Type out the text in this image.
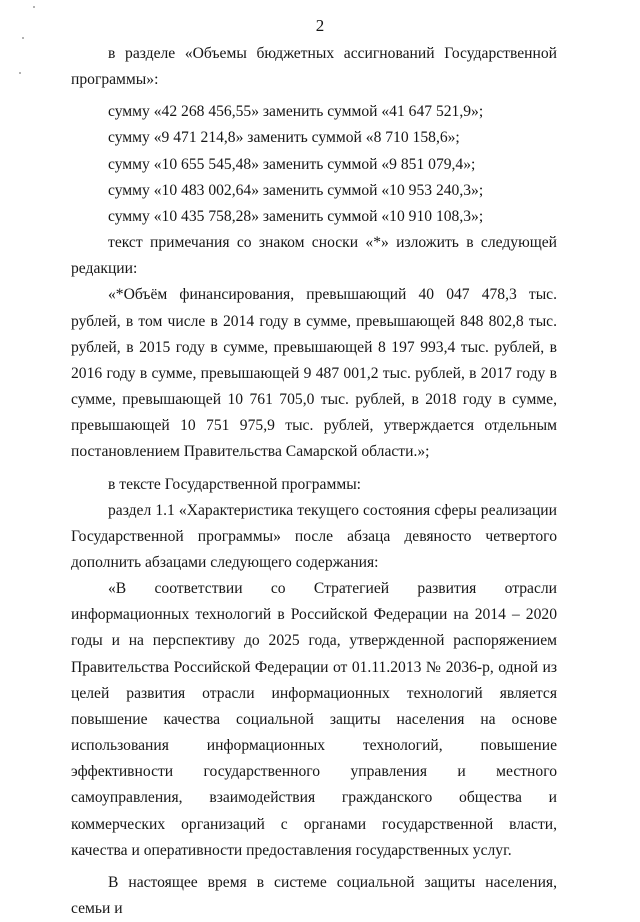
2

в разделе «Объемы бюджетных ассигнований Государственной программы»:

сумму «42 268 456,55» заменить суммой «41 647 521,9»;

сумму «9 471 214,8» заменить суммой «8 710 158,6»;

сумму «10 655 545,48» заменить суммой «9 851 079,4»;

сумму «10 483 002,64» заменить суммой «10 953 240,3»;

сумму «10 435 758,28» заменить суммой «10 910 108,3»;

текст примечания со знаком сноски «*» изложить в следующей редакции:

«*Объём финансирования, превышающий 40 047 478,3 тыс. рублей, в том числе в 2014 году в сумме, превышающей 848 802,8 тыс. рублей, в 2015 году в сумме, превышающей 8 197 993,4 тыс. рублей, в 2016 году в сумме, превышающей 9 487 001,2 тыс. рублей, в 2017 году в сумме, превышающей 10 761 705,0 тыс. рублей, в 2018 году в сумме, превышающей 10 751 975,9 тыс. рублей, утверждается отдельным постановлением Правительства Самарской области.»;

в тексте Государственной программы:

раздел 1.1 «Характеристика текущего состояния сферы реализации Государственной программы» после абзаца девяносто четвертого дополнить абзацами следующего содержания:

«В соответствии со Стратегией развития отрасли информационных технологий в Российской Федерации на 2014 – 2020 годы и на перспективу до 2025 года, утвержденной распоряжением Правительства Российской Федерации от 01.11.2013 № 2036-р, одной из целей развития отрасли информационных технологий является повышение качества социальной защиты населения на основе использования информационных технологий, повышение эффективности государственного управления и местного самоуправления, взаимодействия гражданского общества и коммерческих организаций с органами государственной власти, качества и оперативности предоставления государственных услуг.

В настоящее время в системе социальной защиты населения, семьи и
